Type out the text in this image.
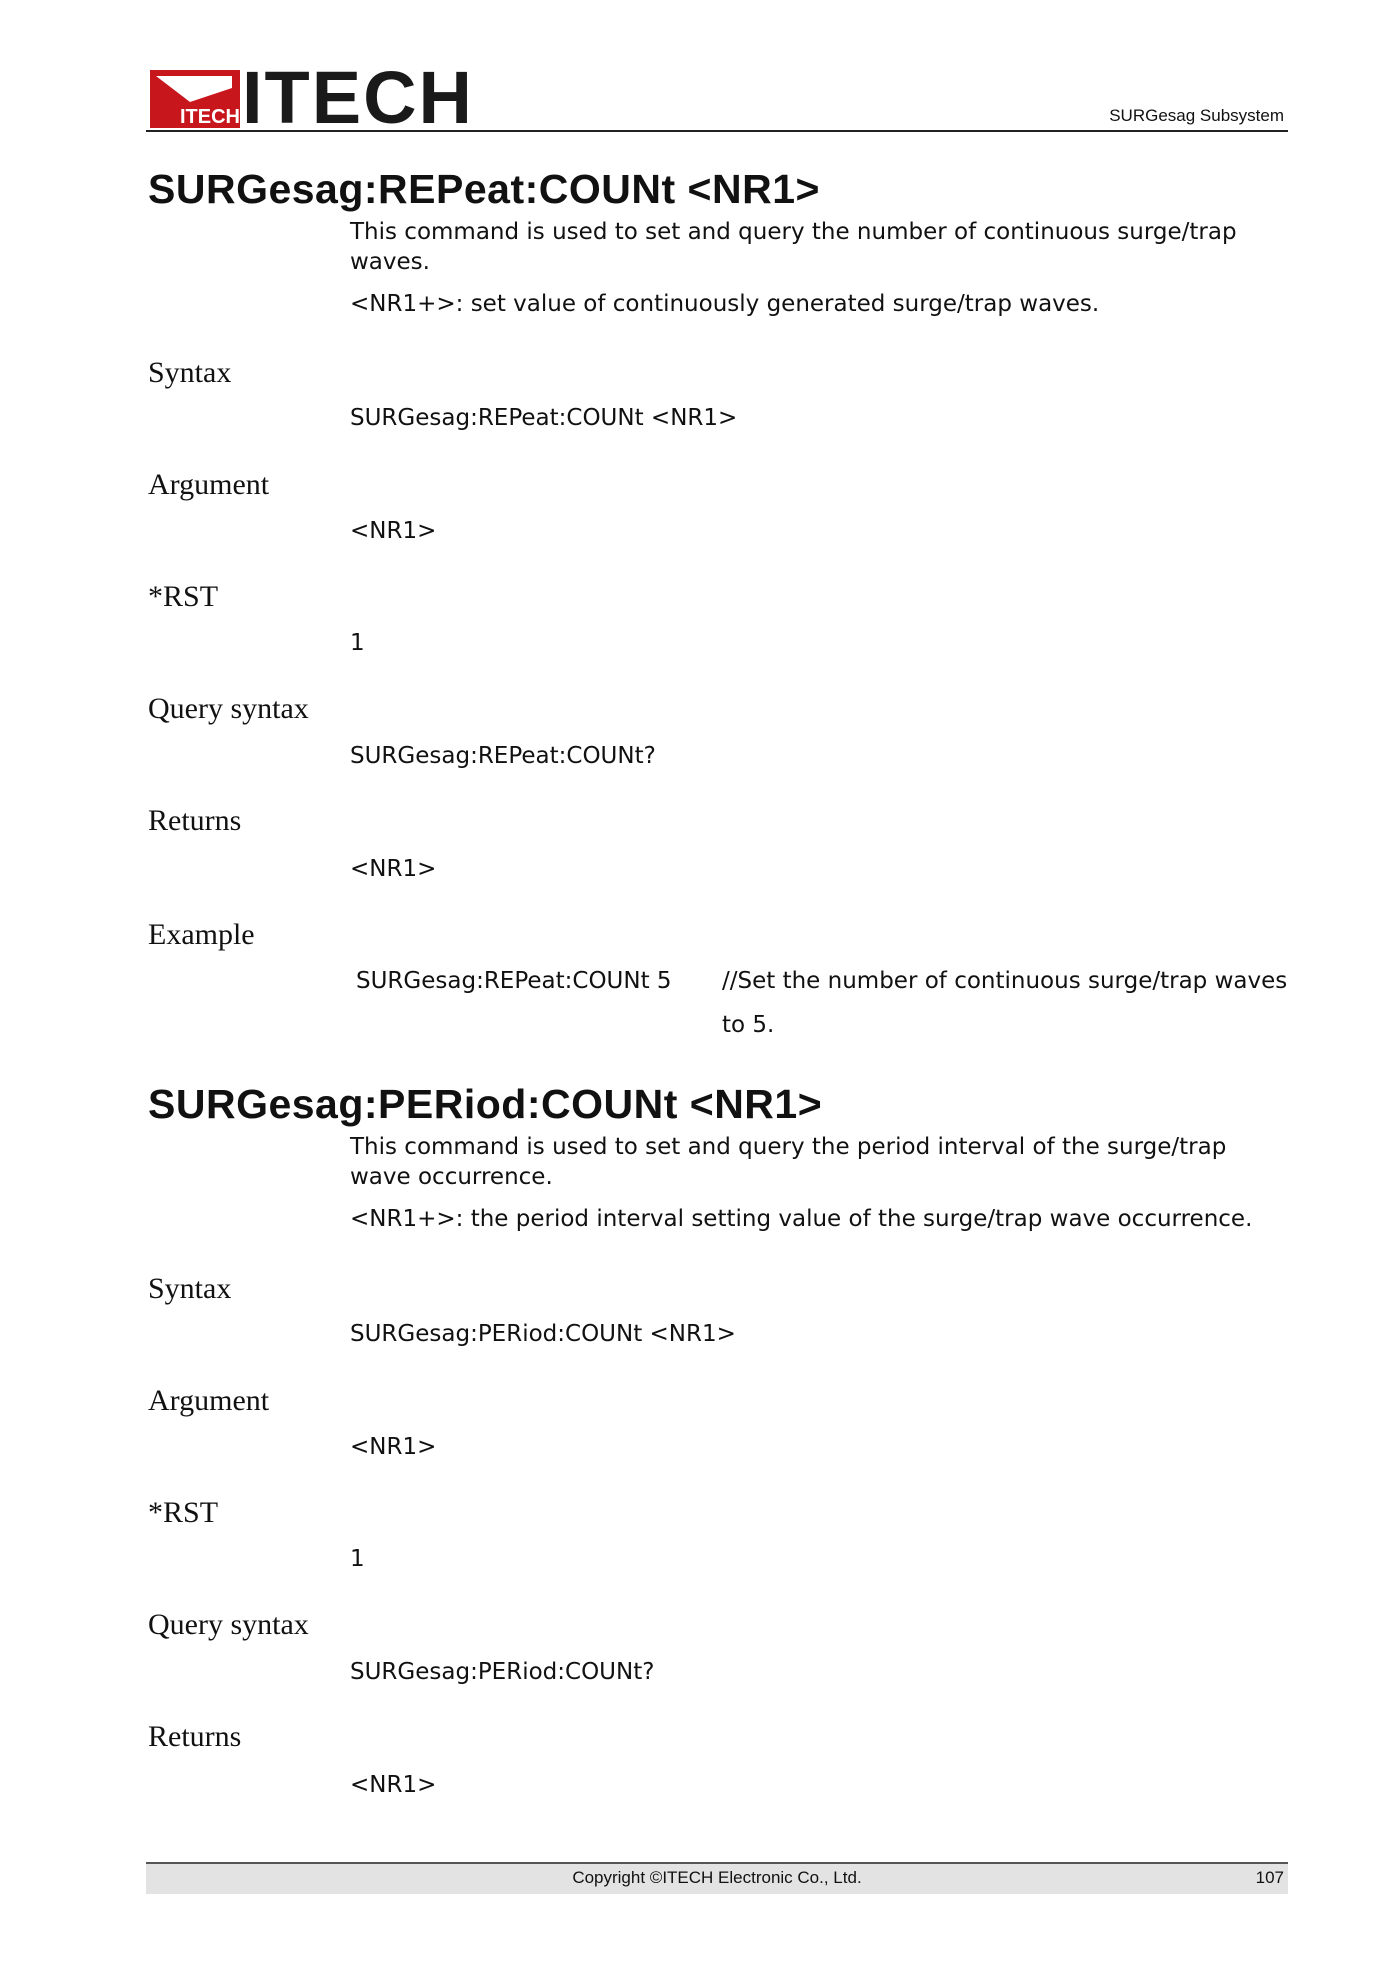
ITECH ITECH	SURGesag Subsystem
SURGesag:REPeat:COUNt <NR1>

This command is used to set and query the number of continuous surge/trap waves.

<NR1+>: set value of continuously generated surge/trap waves.

Syntax
SURGesag:REPeat:COUNt <NR1>
Argument
<NR1>
*RST
1
Query syntax
SURGesag:REPeat:COUNt?
Returns
<NR1>
Example
SURGesag:REPeat:COUNt 5 //Set the number of continuous surge/trap waves to 5.
SURGesag:PERiod:COUNt <NR1>

This command is used to set and query the period interval of the surge/trap wave occurrence.

<NR1+>: the period interval setting value of the surge/trap wave occurrence.

Syntax
SURGesag:PERiod:COUNt <NR1>
Argument
<NR1>
*RST
1
Query syntax
SURGesag:PERiod:COUNt?
Returns
<NR1>
Copyright ©ITECH Electronic Co., Ltd.	107
